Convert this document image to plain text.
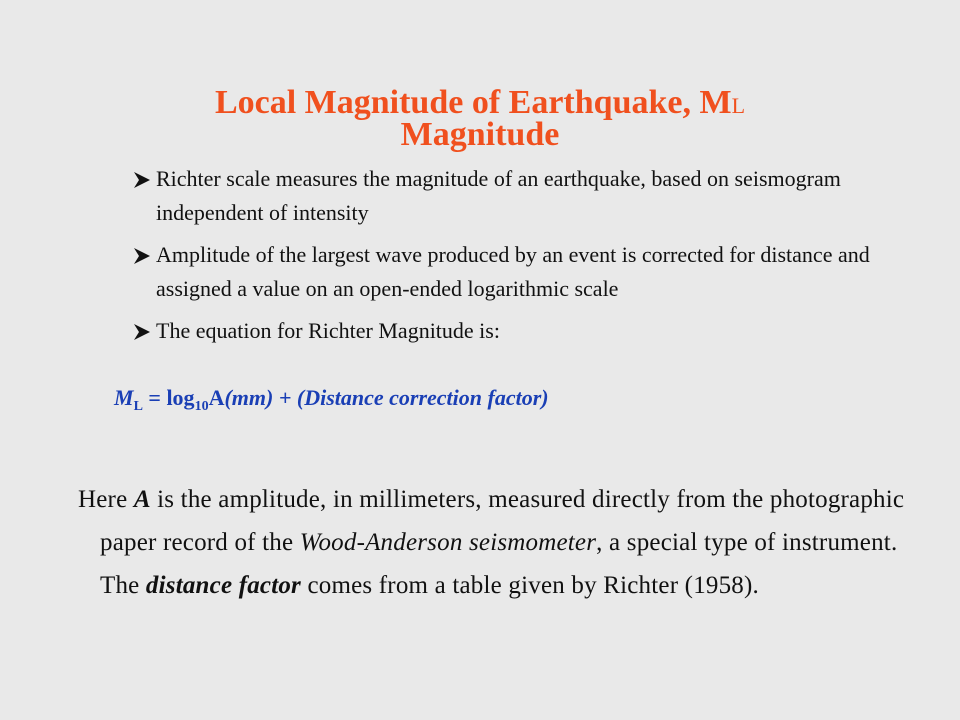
Local Magnitude of Earthquake, ML
Magnitude
Richter scale measures the magnitude of an earthquake, based on seismogram independent of intensity
Amplitude of the largest wave produced by an event is corrected for distance and assigned a value on an open-ended logarithmic scale
The equation for Richter Magnitude is:
$M_L = \log_{10}A(mm)$ + (Distance correction factor)
Here A is the amplitude, in millimeters, measured directly from the photographic paper record of the Wood-Anderson seismometer, a special type of instrument. The distance factor comes from a table given by Richter (1958).
